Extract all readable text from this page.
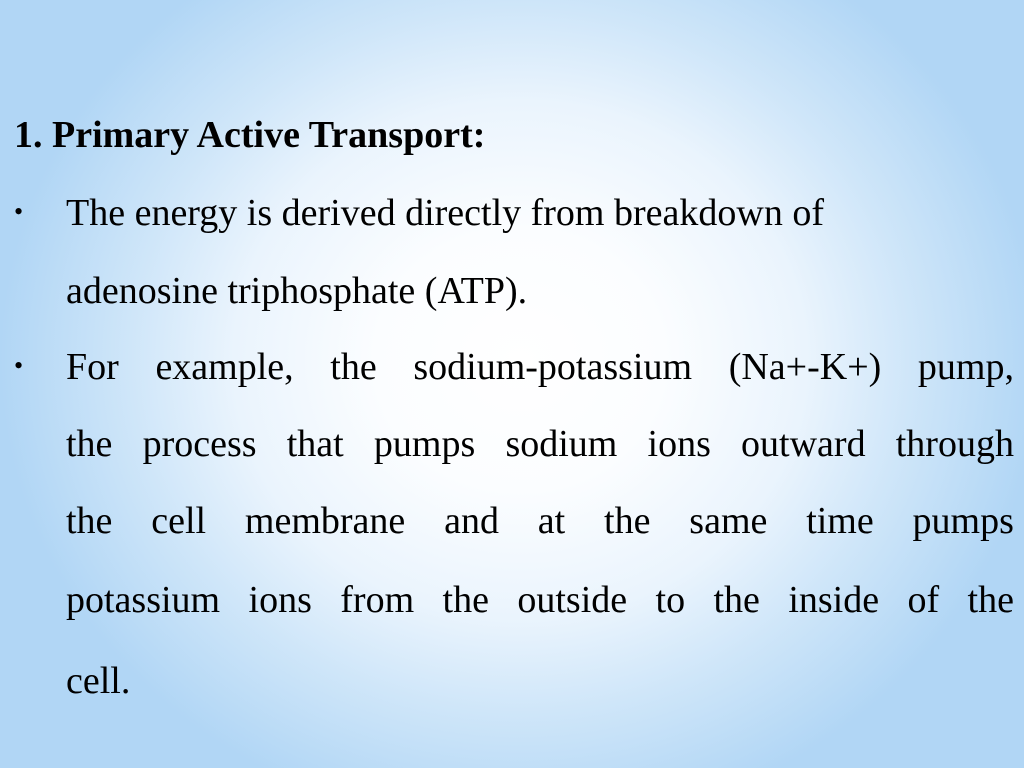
1. Primary Active Transport:
• The energy is derived directly from breakdown of
adenosine triphosphate (ATP).
• For example, the sodium-potassium (Na+-K+) pump,
the process that pumps sodium ions outward through
the cell membrane and at the same time pumps
potassium ions from the outside to the inside of the
cell.
